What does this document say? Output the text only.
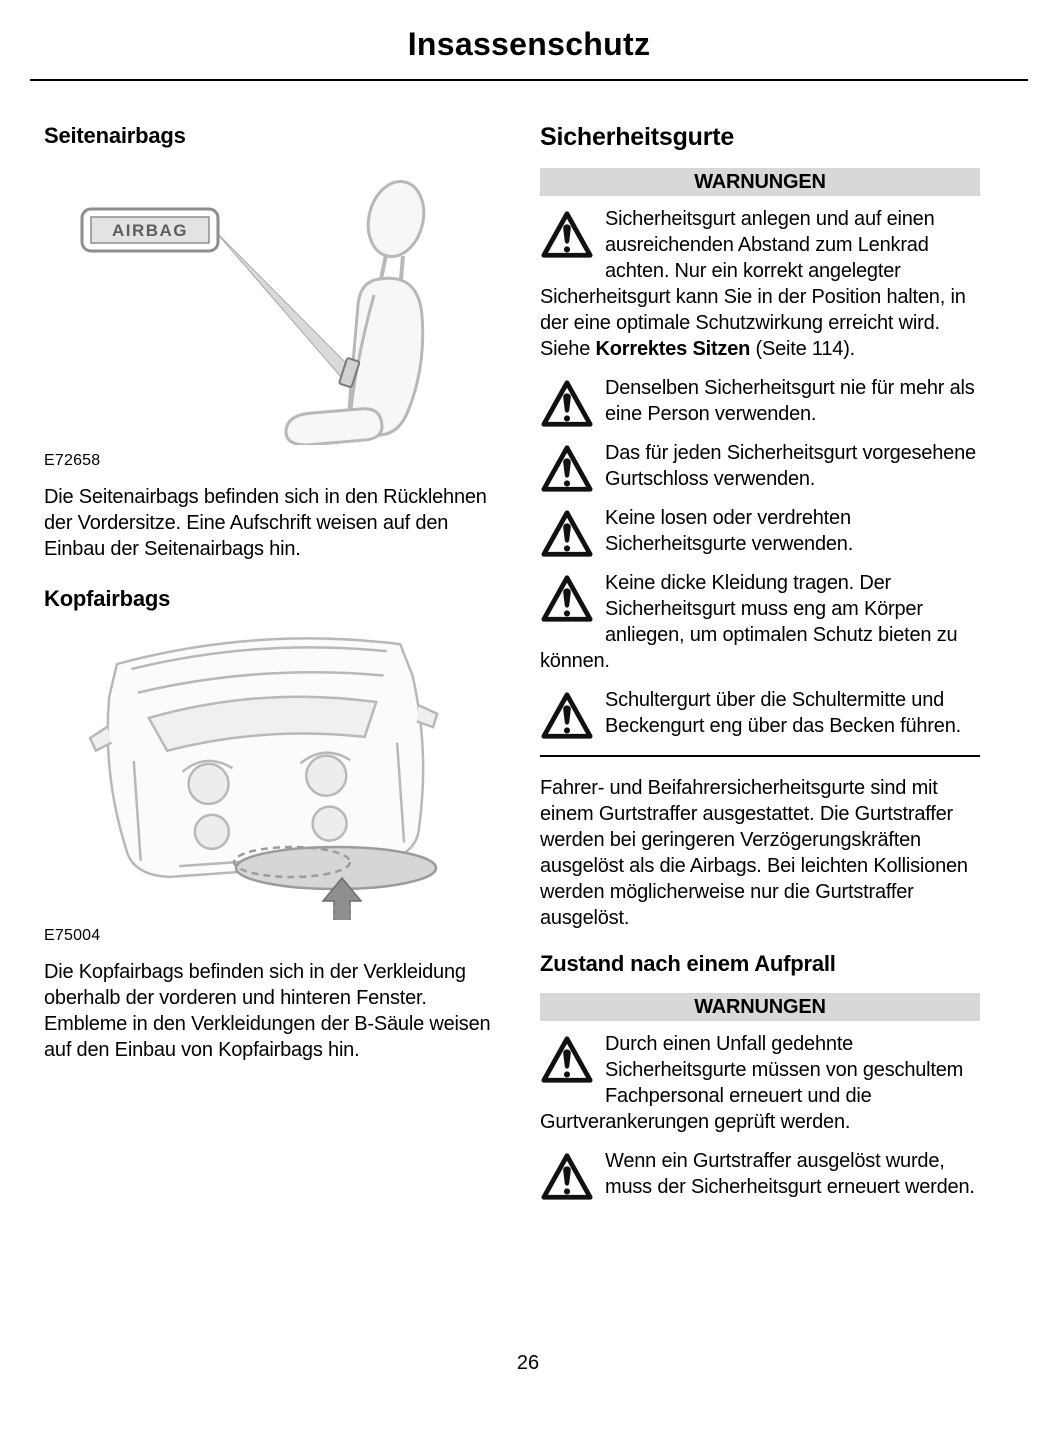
Insassenschutz
Seitenairbags
AIRBAG
E72658

Die Seitenairbags befinden sich in den Rücklehnen der Vordersitze. Eine Aufschrift weisen auf den Einbau der Seitenairbags hin.

Kopfairbags
E75004

Die Kopfairbags befinden sich in der Verkleidung oberhalb der vorderen und hinteren Fenster. Embleme in den Verkleidungen der B-Säule weisen auf den Einbau von Kopfairbags hin.

Sicherheitsgurte
WARNUNGEN

Sicherheitsgurt anlegen und auf einen ausreichenden Abstand zum Lenkrad achten. Nur ein korrekt angelegter Sicherheitsgurt kann Sie in der Position halten, in der eine optimale Schutzwirkung erreicht wird. Siehe Korrektes Sitzen (Seite 114).

Denselben Sicherheitsgurt nie für mehr als eine Person verwenden.

Das für jeden Sicherheitsgurt vorgesehene Gurtschloss verwenden.

Keine losen oder verdrehten Sicherheitsgurte verwenden.

Keine dicke Kleidung tragen. Der Sicherheitsgurt muss eng am Körper anliegen, um optimalen Schutz bieten zu können.

Schultergurt über die Schultermitte und Beckengurt eng über das Becken führen.

Fahrer- und Beifahrersicherheitsgurte sind mit einem Gurtstraffer ausgestattet. Die Gurtstraffer werden bei geringeren Verzögerungskräften ausgelöst als die Airbags. Bei leichten Kollisionen werden möglicherweise nur die Gurtstraffer ausgelöst.

Zustand nach einem Aufprall
WARNUNGEN

Durch einen Unfall gedehnte Sicherheitsgurte müssen von geschultem Fachpersonal erneuert und die Gurtverankerungen geprüft werden.

Wenn ein Gurtstraffer ausgelöst wurde, muss der Sicherheitsgurt erneuert werden.

26
